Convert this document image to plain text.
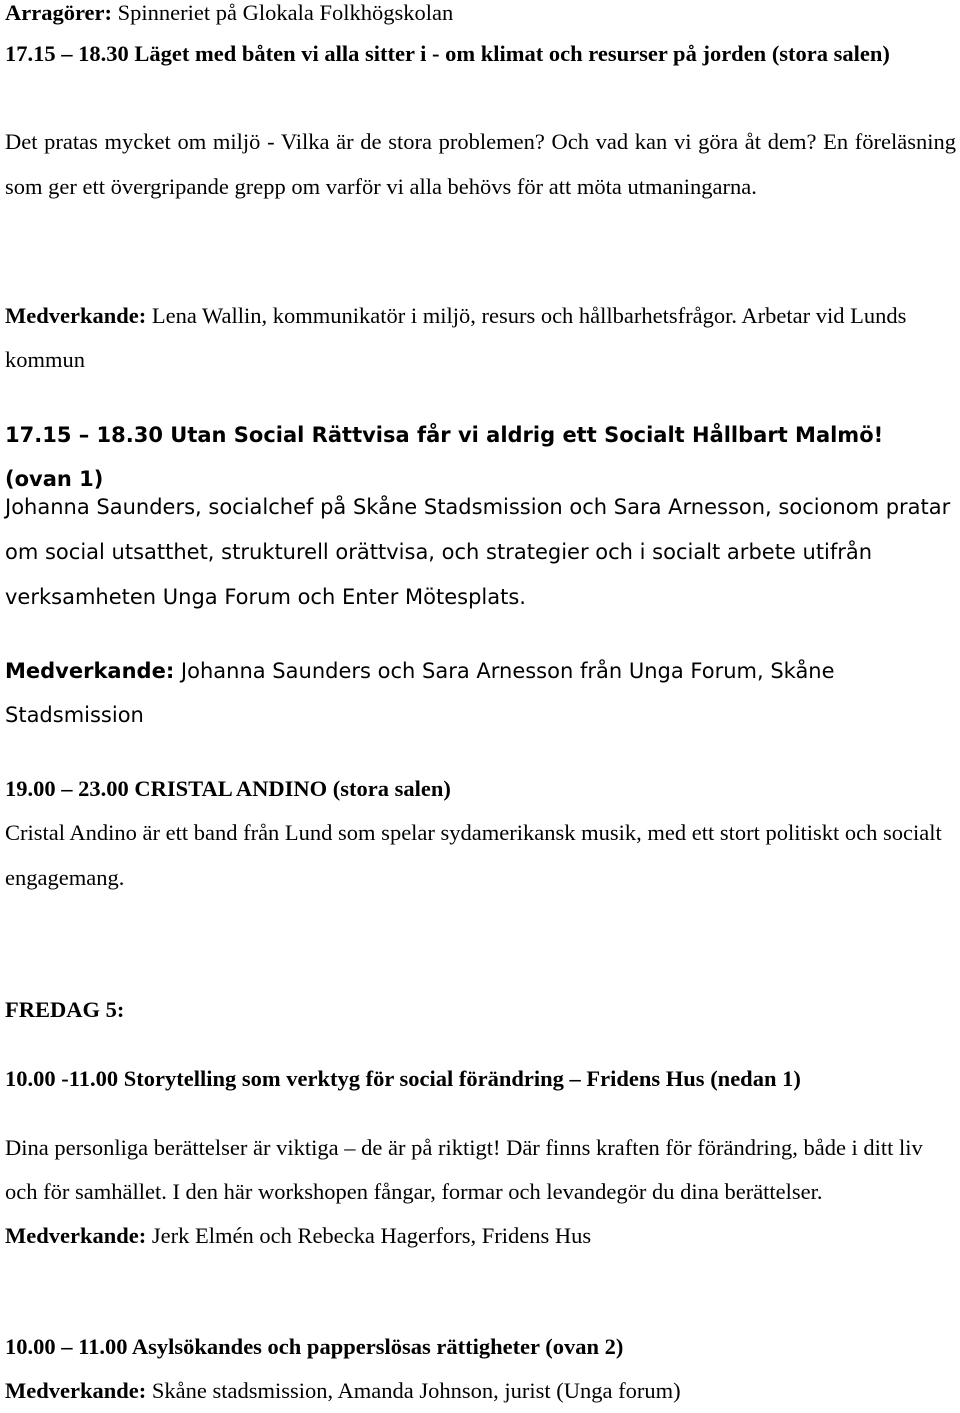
Arragörer: Spinneriet på Glokala Folkhögskolan

17.15 – 18.30 Läget med båten vi alla sitter i - om klimat och resurser på jorden (stora salen)

Det pratas mycket om miljö - Vilka är de stora problemen? Och vad kan vi göra åt dem? En föreläsning som ger ett övergripande grepp om varför vi alla behövs för att möta utmaningarna.

Medverkande: Lena Wallin, kommunikatör i miljö, resurs och hållbarhetsfrågor. Arbetar vid Lunds kommun

17.15 – 18.30 Utan Social Rättvisa får vi aldrig ett Socialt Hållbart Malmö! (ovan 1)

Johanna Saunders, socialchef på Skåne Stadsmission och Sara Arnesson, socionom pratar om social utsatthet, strukturell orättvisa, och strategier och i socialt arbete utifrån verksamheten Unga Forum och Enter Mötesplats.

Medverkande: Johanna Saunders och Sara Arnesson från Unga Forum, Skåne Stadsmission

19.00 – 23.00 CRISTAL ANDINO (stora salen)

Cristal Andino är ett band från Lund som spelar sydamerikansk musik, med ett stort politiskt och socialt engagemang.

FREDAG 5:

10.00 -11.00 Storytelling som verktyg för social förändring – Fridens Hus (nedan 1)

Dina personliga berättelser är viktiga – de är på riktigt! Där finns kraften för förändring, både i ditt liv och för samhället. I den här workshopen fångar, formar och levandegör du dina berättelser. Medverkande: Jerk Elmén och Rebecka Hagerfors, Fridens Hus

10.00 – 11.00 Asylsökandes och papperslösas rättigheter (ovan 2)

Medverkande: Skåne stadsmission, Amanda Johnson, jurist (Unga forum)
